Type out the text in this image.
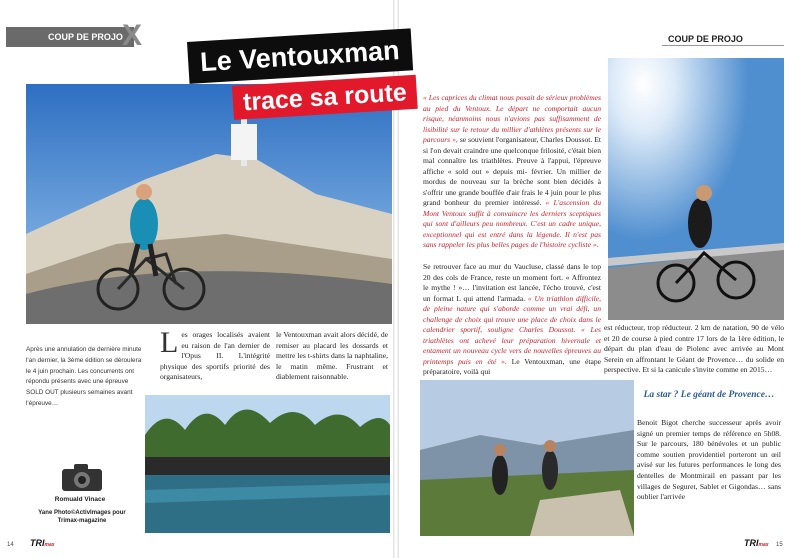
COUP DE PROJO X	COUP DE PROJO
Le Ventouxman
trace sa route
Après une annulation de dernière minute l'an dernier, la 3ème édition se déroulera le 4 juin prochain. Les concurrents ont répondu présents avec une épreuve SOLD OUT plusieurs semaines avant l'épreuve…
L es orages localisés avaient eu raison de l'an dernier de l'Opus II. L'intégrité physique des sportifs priorité des organisateurs,
le Ventouxman avait alors décidé, de remiser au placard les dossards et mettre les t-shirts dans la naphtaline, le matin même. Frustrant et diablement raisonnable.
Romuald Vinace
Yane Photo©ActivImages pour Trimax-magazine
14 TRImax
« Les caprices du climat nous posait de sérieux problèmes au pied du Ventoux. Le départ ne comportait aucun risque, néanmoins nous n'avions pas suffisamment de lisibilité sur le retour du millier d'athlètes présents sur le parcours », se souvient l'organisateur, Charles Doussot. Et si l'on devait craindre une quelconque frilosité, c'était bien mal connaître les triathlètes. Preuve à l'appui, l'épreuve affiche « sold out » depuis mi- février. Un millier de mordus de nouveau sur la brèche sont bien décidés à s'offrir une grande bouffée d'air frais le 4 juin pour le plus grand bonheur du premier intéressé. « L'ascension du Mont Ventoux suffit à convaincre les derniers sceptiques qui sont d'ailleurs peu nombreux. C'est un cadre unique, exceptionnel qui est entré dans la légende. Il n'est pas sans rappeler les plus belles pages de l'histoire cycliste ».
Se retrouver face au mur du Vaucluse, classé dans le top 20 des cols de France, reste un moment fort. « Affrontez le mythe ! »… l'invitation est lancée, l'écho trouvé, c'est un format L qui attend l'armada. « Un triathlon difficile, de pleine nature qui s'aborde comme un vrai défi, un challenge de choix qui trouve une place de choix dans le calendrier sportif, souligne Charles Doussot. « Les triathlètes ont achevé leur préparation hivernale et entament un nouveau cycle vers de nouvelles épreuves au printemps puis en été ». Le Ventouxman, une étape préparatoire, voilà qui
est réducteur, trop réducteur. 2 km de natation, 90 de vélo et 20 de course à pied contre 17 lors de la 1ère édition, le départ du plan d'eau de Piolenc avec arrivée au Mont Serein en affrontant le Géant de Provence… du solide en perspective. Et si la canicule s'invite comme en 2015…
La star ? Le géant de Provence…
Benoit Bigot cherche successeur après avoir signé un premier temps de référence en 5h08. Sur le parcours, 180 bénévoles et un public comme soutien providentiel porteront un œil avisé sur les futures performances le long des dentelles de Montmirail en passant par les villages de Seguret, Sablet et Gigondas… sans oublier l'arrivée
TRImax 15
